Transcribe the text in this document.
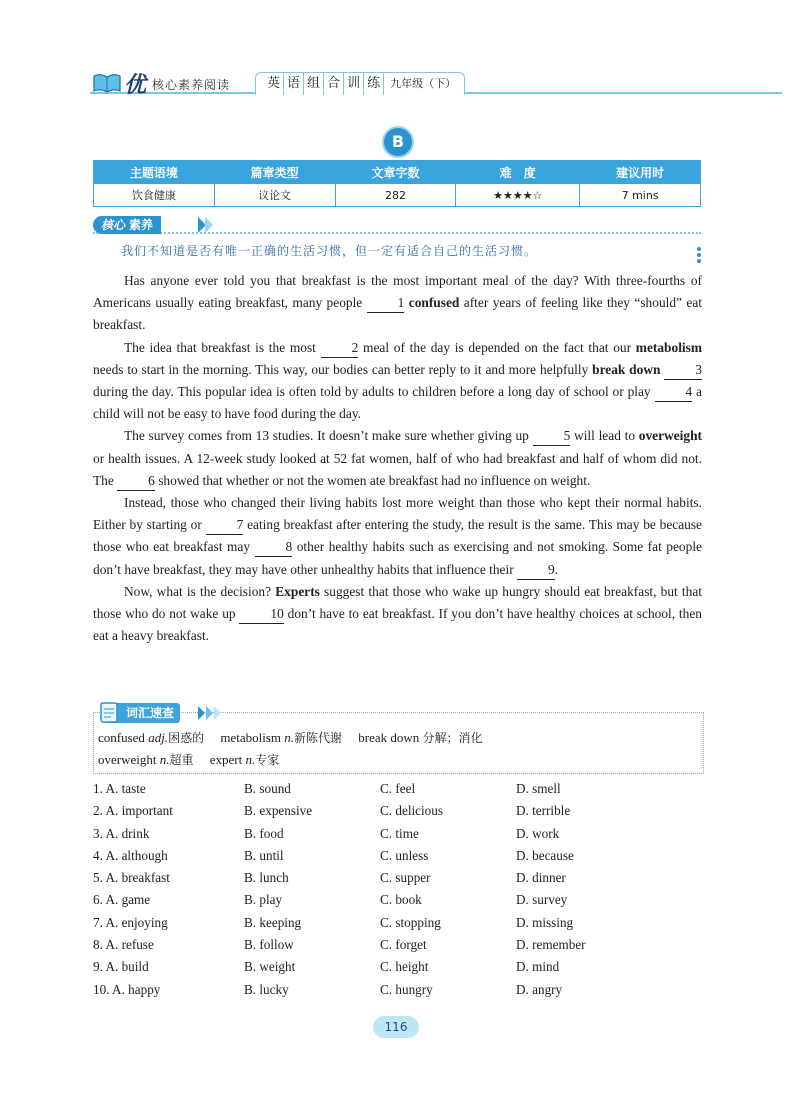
优 核心素养阅读	英 语 组 合 训 练 九年级（下）
B
主题语境	篇章类型	文章字数	难　度	建议用时
饮食健康	议论文	282	★★★★☆	7 mins
核心 素养
我们不知道是否有唯一正确的生活习惯，但一定有适合自己的生活习惯。

Has anyone ever told you that breakfast is the most important meal of the day? With three-fourths of Americans usually eating breakfast, many people 1 confused after years of feeling like they “should” eat breakfast.

The idea that breakfast is the most 2 meal of the day is depended on the fact that our metabolism needs to start in the morning. This way, our bodies can better reply to it and more helpfully break down	3 during the day. This popular idea is often told by adults to children before a long day of school or play 4 a child will not be easy to have food during the day.

The survey comes from 13 studies. It doesn’t make sure whether giving up 5 will lead to overweight or health issues. A 12-week study looked at 52 fat women, half of who had breakfast and half of whom did not. The 6 showed that whether or not the women ate breakfast had no influence on weight.

Instead, those who changed their living habits lost more weight than those who kept their normal habits. Either by starting or 7 eating breakfast after entering the study, the result is the same. This may be because those who eat breakfast may 8 other healthy habits such as exercising and not smoking. Some fat people don’t have breakfast, they may have other unhealthy habits that influence their 9.

Now, what is the decision? Experts suggest that those who wake up hungry should eat breakfast, but that those who do not wake up 10 don’t have to eat breakfast. If you don’t have healthy choices at school, then eat a heavy breakfast.

词汇速查
confused adj.困惑的 metabolism n.新陈代谢 break down 分解；消化
overweight n.超重 expert n.专家
1. A. taste	B. sound	C. feel	D. smell
2. A. important	B. expensive	C. delicious	D. terrible
3. A. drink	B. food	C. time	D. work
4. A. although	B. until	C. unless	D. because
5. A. breakfast	B. lunch	C. supper	D. dinner
6. A. game	B. play	C. book	D. survey
7. A. enjoying	B. keeping	C. stopping	D. missing
8. A. refuse	B. follow	C. forget	D. remember
9. A. build	B. weight	C. height	D. mind
10. A. happy	B. lucky	C. hungry	D. angry
116
